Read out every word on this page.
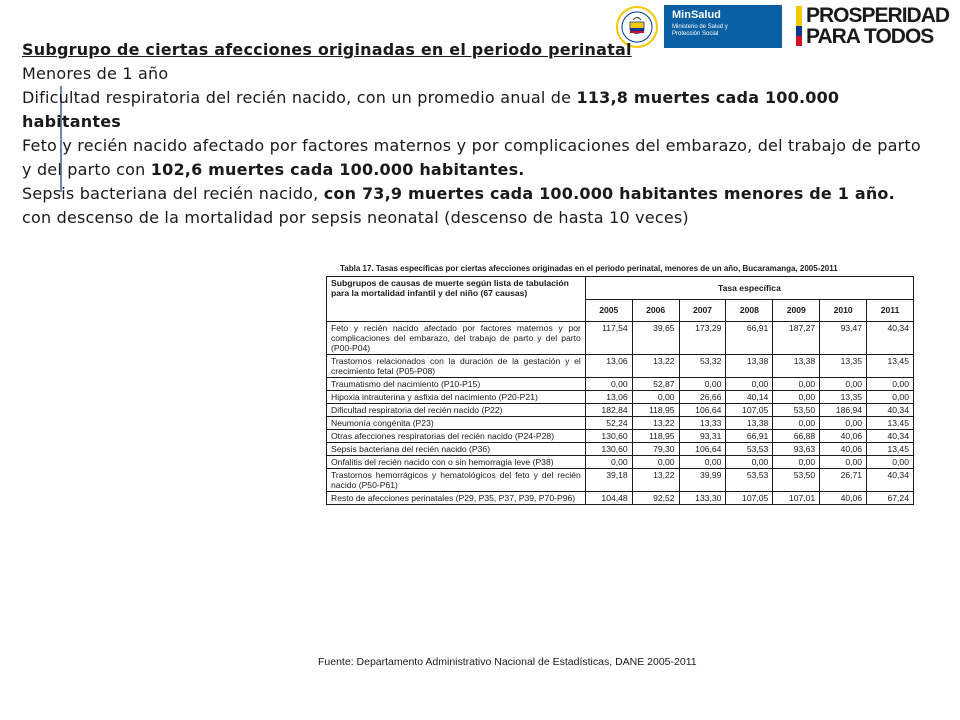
MinSalud
Ministerio de Salud y Protección Social
PROSPERIDAD
PARA TODOS

Subgrupo de ciertas afecciones originadas en el periodo perinatal

Menores de 1 año

Dificultad respiratoria del recién nacido, con un promedio anual de 113,8 muertes cada 100.000 habitantes

Feto y recién nacido afectado por factores maternos y por complicaciones del embarazo, del trabajo de parto y del parto con 102,6 muertes cada 100.000 habitantes.

Sepsis bacteriana del recién nacido, con 73,9 muertes cada 100.000 habitantes menores de 1 año.

con descenso de la mortalidad por sepsis neonatal (descenso de hasta 10 veces)

Tabla 17. Tasas específicas por ciertas afecciones originadas en el periodo perinatal, menores de un año, Bucaramanga, 2005-2011
Subgrupos de causas de muerte según lista de tabulación para la mortalidad infantil y del niño (67 causas)	Tasa específica						
	2005	2006	2007	2008	2009	2010	2011
Feto y recién nacido afectado por factores maternos y por complicaciones del embarazo, del trabajo de parto y del parto (P00-P04)	117,54	39,65	173,29	66,91	187,27	93,47	40,34
Trastornos relacionados con la duración de la gestación y el crecimiento fetal (P05-P08)	13,06	13,22	53,32	13,38	13,38	13,35	13,45
Traumatismo del nacimiento (P10-P15)	0,00	52,87	0,00	0,00	0,00	0,00	0,00
Hipoxia intrauterina y asfixia del nacimiento (P20-P21)	13,06	0,00	26,66	40,14	0,00	13,35	0,00
Dificultad respiratoria del recién nacido (P22)	182,84	118,95	106,64	107,05	53,50	186,94	40,34
Neumonía congénita (P23)	52,24	13,22	13,33	13,38	0,00	0,00	13,45
Otras afecciones respiratorias del recién nacido (P24-P28)	130,60	118,95	93,31	66,91	66,88	40,06	40,34
Sepsis bacteriana del recién nacido (P36)	130,60	79,30	106,64	53,53	93,63	40,06	13,45
Onfalitis del recién nacido con o sin hemorragia leve (P38)	0,00	0,00	0,00	0,00	0,00	0,00	0,00
Trastornos hemorrágicos y hematológicos del feto y del recién nacido (P50-P61)	39,18	13,22	39,99	53,53	53,50	26,71	40,34
Resto de afecciones perinatales (P29, P35, P37, P39, P70-P96)	104,48	92,52	133,30	107,05	107,01	40,06	67,24
Fuente: Departamento Administrativo Nacional de Estadísticas, DANE 2005-2011
